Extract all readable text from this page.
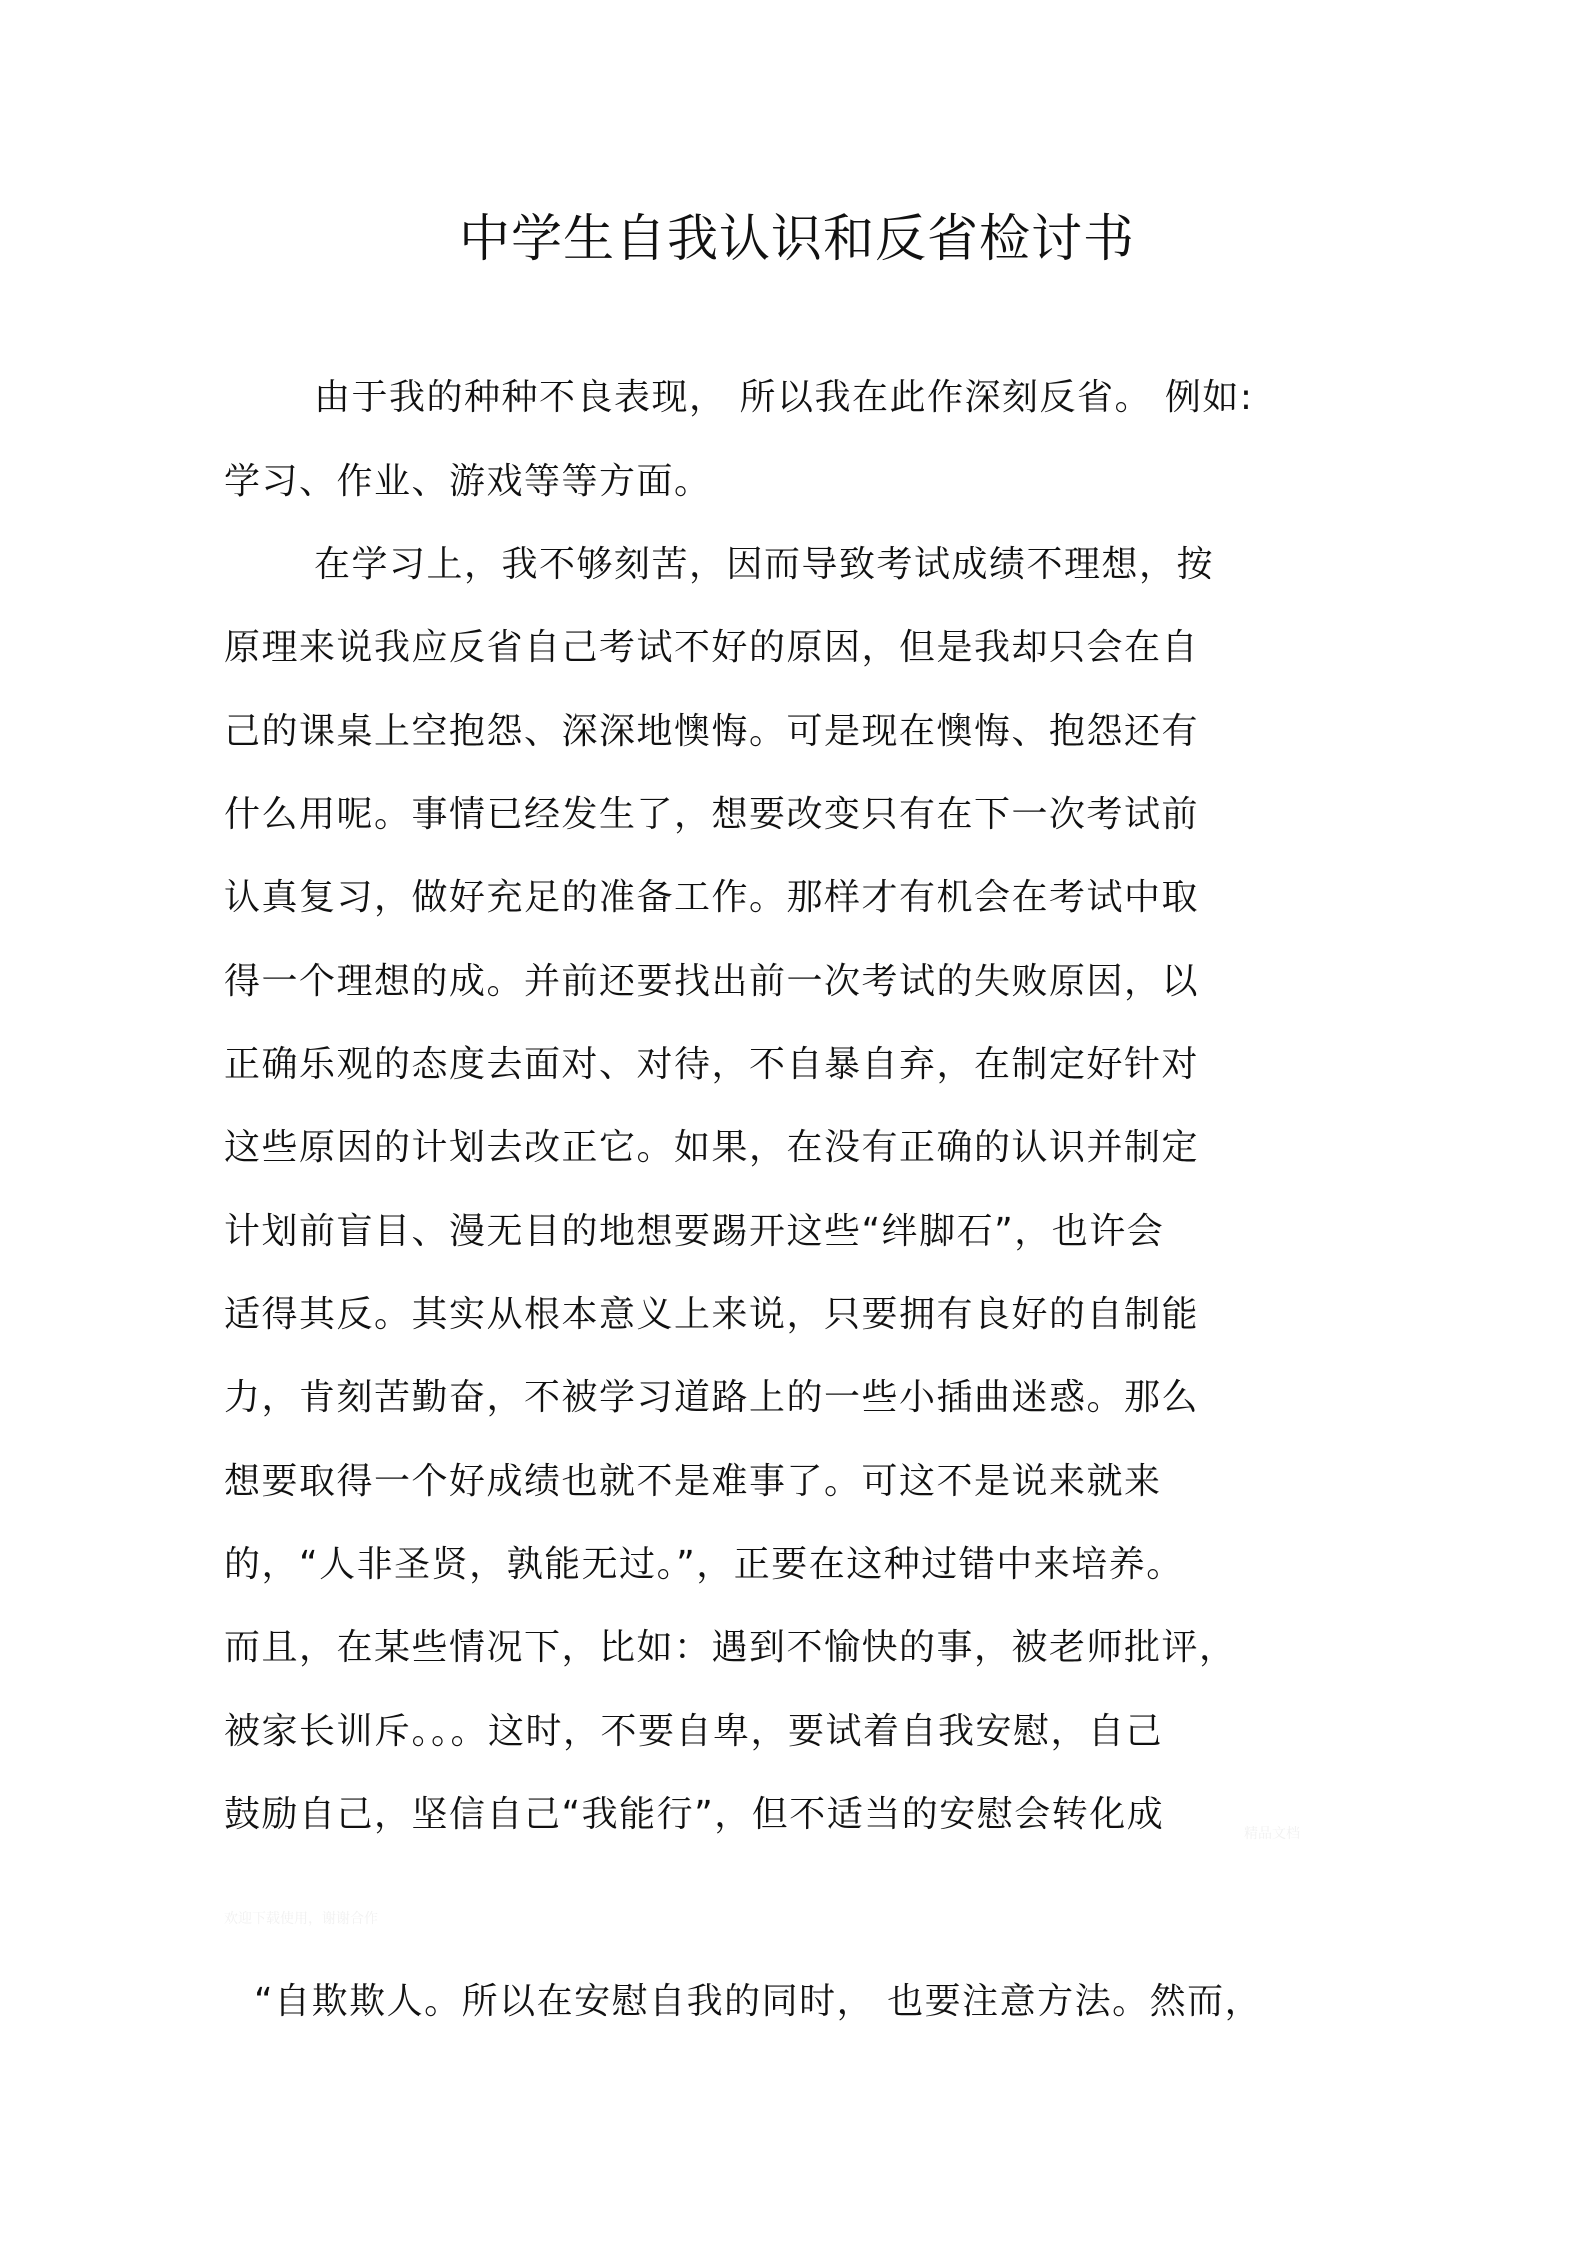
中学生自我认识和反省检讨书
由于我的种种不良表现， 所以我在此作深刻反省。 例如:
学习、作业、游戏等等方面。
在学习上，我不够刻苦，因而导致考试成绩不理想，按
原理来说我应反省自己考试不好的原因，但是我却只会在自
己的课桌上空抱怨、深深地懊悔。可是现在懊悔、抱怨还有
什么用呢。事情已经发生了，想要改变只有在下一次考试前
认真复习，做好充足的准备工作。那样才有机会在考试中取
得一个理想的成。并前还要找出前一次考试的失败原因，以
正确乐观的态度去面对、对待，不自暴自弃，在制定好针对
这些原因的计划去改正它。如果，在没有正确的认识并制定
计划前盲目、漫无目的地想要踢开这些“绊脚石”，也许会
适得其反。其实从根本意义上来说，只要拥有良好的自制能
力，肯刻苦勤奋，不被学习道路上的一些小插曲迷惑。那么
想要取得一个好成绩也就不是难事了。可这不是说来就来
的，“人非圣贤，孰能无过。”，正要在这种过错中来培养。
而且，在某些情况下，比如：遇到不愉快的事，被老师批评，
被家长训斥。。。这时，不要自卑，要试着自我安慰，自己
鼓励自己，坚信自己“我能行”，但不适当的安慰会转化成	精品文档
欢迎下载使用，谢谢合作
“自欺欺人。所以在安慰自我的同时， 也要注意方法。然而，
